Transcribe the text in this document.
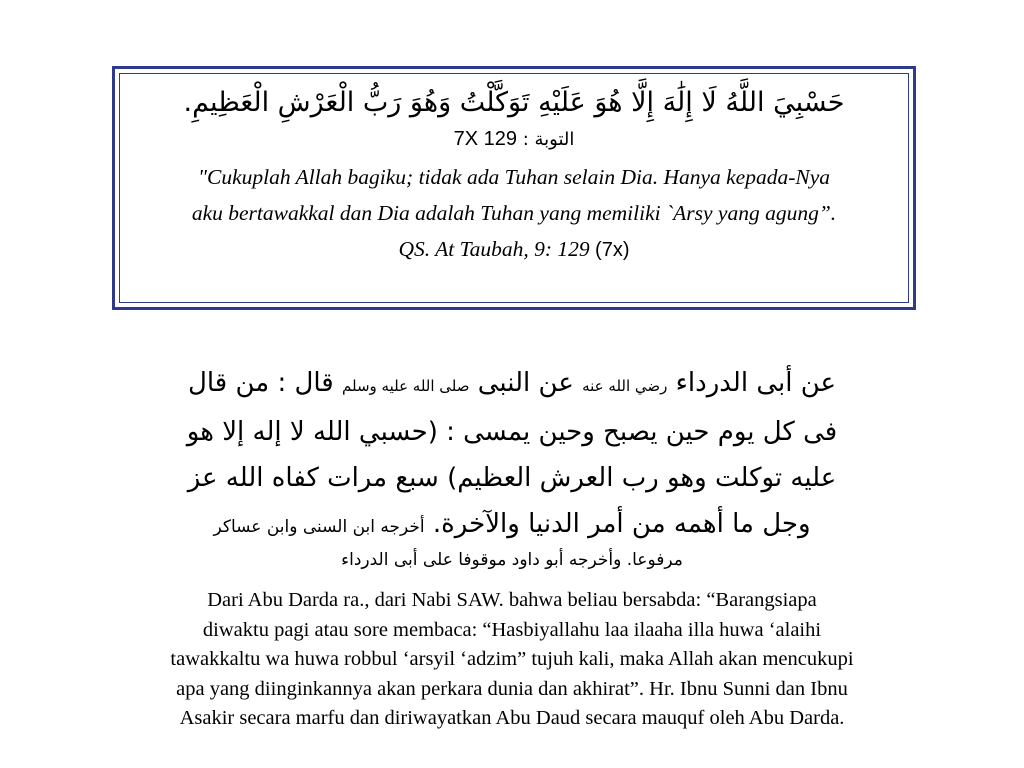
حَسْبِيَ اللَّهُ لَا إِلَٰهَ إِلَّا هُوَ عَلَيْهِ تَوَكَّلْتُ وَهُوَ رَبُّ الْعَرْشِ الْعَظِيمِ.
التوبة : 7X 129
"Cukuplah Allah bagiku; tidak ada Tuhan selain Dia. Hanya kepada-Nya
aku bertawakkal dan Dia adalah Tuhan yang memiliki `Arsy yang agung”.
QS. At Taubah, 9: 129 (7x)
عن أبى الدرداء رضي الله عنه عن النبى صلى الله عليه وسلم قال : من قال
فى كل يوم حين يصبح وحين يمسى : (حسبي الله لا إله إلا هو
عليه توكلت وهو رب العرش العظيم) سبع مرات كفاه الله عز
وجل ما أهمه من أمر الدنيا والآخرة. أخرجه ابن السنى وابن عساكر
مرفوعا. وأخرجه أبو داود موقوفا على أبى الدرداء
Dari Abu Darda ra., dari Nabi SAW. bahwa beliau bersabda: “Barangsiapa
diwaktu pagi atau sore membaca: “Hasbiyallahu laa ilaaha illa huwa ‘alaihi
tawakkaltu wa huwa robbul ‘arsyil ‘adzim” tujuh kali, maka Allah akan mencukupi
apa yang diinginkannya akan perkara dunia dan akhirat”. Hr. Ibnu Sunni dan Ibnu
Asakir secara marfu dan diriwayatkan Abu Daud secara mauquf oleh Abu Darda.
